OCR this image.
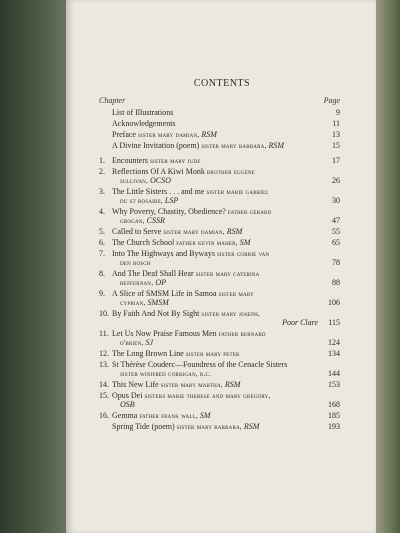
CONTENTS
Chapter	Page
List of Illustrations	9
Acknowledgements	11
Preface sister mary damian, RSM	13
A Divine Invitation (poem) sister mary barbara, RSM	15
1. Encounters sister mary jude	17
2. Reflections Of A Kiwi Monk brother eugene
sullivan, OCSO	26
3. The Little Sisters . . . and me sister marie gabriel
du st rosaire, LSP	30
4. Why Poverty, Chastity, Obedience? father gerard
grogan, CSSR	47
5. Called to Serve sister mary damian, RSM	55
6. The Church School father kevin maher, SM	65
7. Into The Highways and Byways sister corrie van
den bosch	78
8. And The Deaf Shall Hear sister mary caterina
heffernan, OP	88
9. A Slice of SMSM Life in Samoa sister mary
cyprian, SMSM	106
10. By Faith And Not By Sight sister mary joseph,
Poor Clare	115
11. Let Us Now Praise Famous Men father bernard
o'brien, SJ	124
12. The Long Brown Line sister mary peter	134
13. St Thérèse Couderc—Foundress of the Cenacle Sisters
sister winifred corrigan, r.c.	144
14. This New Life sister mary martha, RSM	153
15. Opus Dei sisters marie therese and mary gregory,
OSB	168
16. Gemma father frank wall, SM	185
Spring Tide (poem) sister mary barbara, RSM	193
